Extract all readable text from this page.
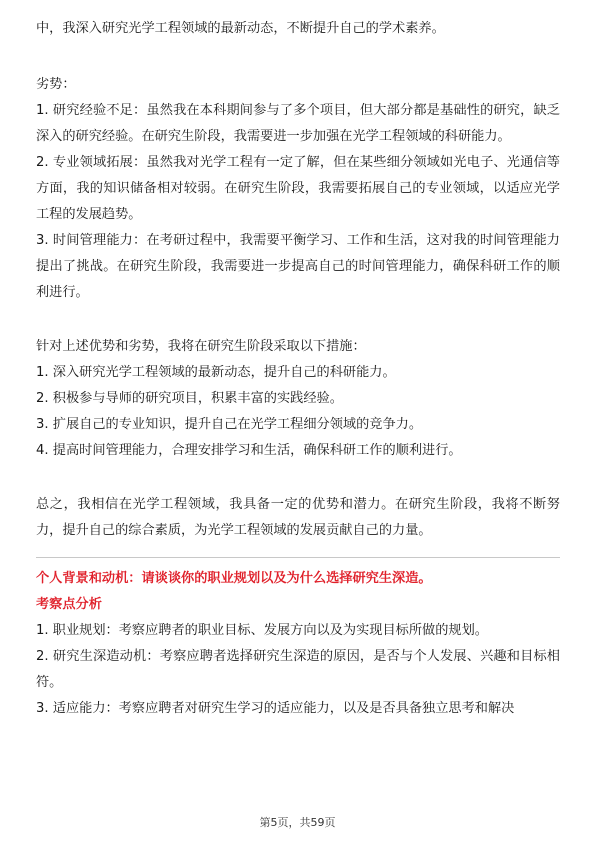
中，我深入研究光学工程领域的最新动态，不断提升自己的学术素养。

劣势：

1. 研究经验不足：虽然我在本科期间参与了多个项目，但大部分都是基础性的研究，缺乏深入的研究经验。在研究生阶段，我需要进一步加强在光学工程领域的科研能力。

2. 专业领域拓展：虽然我对光学工程有一定了解，但在某些细分领域如光电子、光通信等方面，我的知识储备相对较弱。在研究生阶段，我需要拓展自己的专业领域，以适应光学工程的发展趋势。

3. 时间管理能力：在考研过程中，我需要平衡学习、工作和生活，这对我的时间管理能力提出了挑战。在研究生阶段，我需要进一步提高自己的时间管理能力，确保科研工作的顺利进行。

针对上述优势和劣势，我将在研究生阶段采取以下措施：

1. 深入研究光学工程领域的最新动态，提升自己的科研能力。

2. 积极参与导师的研究项目，积累丰富的实践经验。

3. 扩展自己的专业知识，提升自己在光学工程细分领域的竞争力。

4. 提高时间管理能力，合理安排学习和生活，确保科研工作的顺利进行。

总之，我相信在光学工程领域，我具备一定的优势和潜力。在研究生阶段，我将不断努力，提升自己的综合素质，为光学工程领域的发展贡献自己的力量。

个人背景和动机：请谈谈你的职业规划以及为什么选择研究生深造。

考察点分析

1. 职业规划：考察应聘者的职业目标、发展方向以及为实现目标所做的规划。

2. 研究生深造动机：考察应聘者选择研究生深造的原因，是否与个人发展、兴趣和目标相符。

3. 适应能力：考察应聘者对研究生学习的适应能力，以及是否具备独立思考和解决

第5页，共59页
